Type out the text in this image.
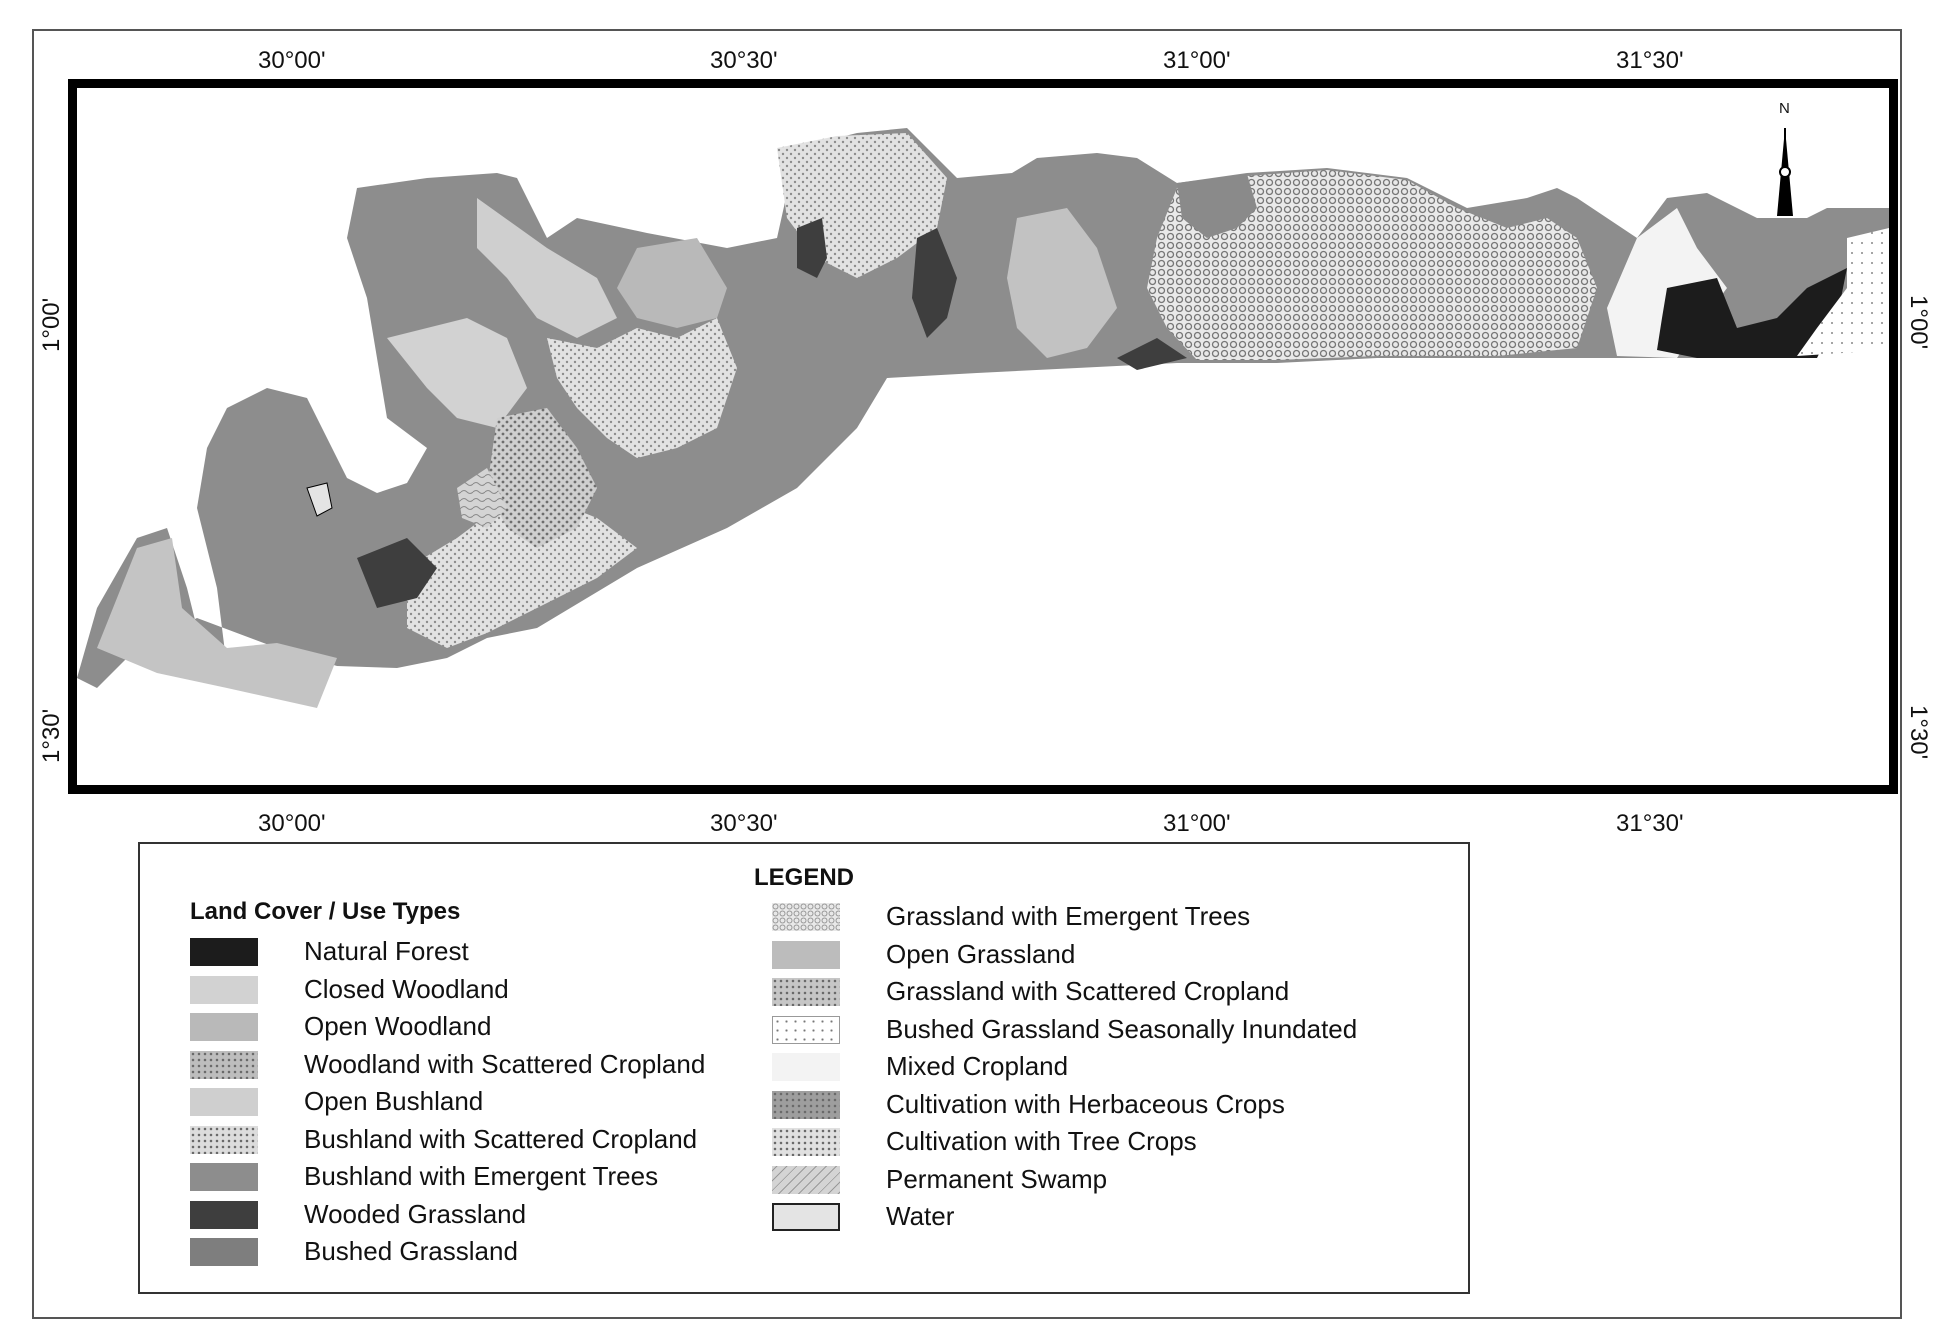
30°00'	30°30'	31°00'	31°30'
30°00'	30°30'	31°00'	31°30'
1°00'
1°30'
1°00'
1°30'
N
LEGEND
Land Cover / Use Types
Natural Forest
Closed Woodland
Open Woodland
Woodland with Scattered Cropland
Open Bushland
Bushland with Scattered Cropland
Bushland with Emergent Trees
Wooded Grassland
Bushed Grassland
Grassland with Emergent Trees
Open Grassland
Grassland with Scattered Cropland
Bushed Grassland Seasonally Inundated
Mixed Cropland
Cultivation with Herbaceous Crops
Cultivation with Tree Crops
Permanent Swamp
Water
